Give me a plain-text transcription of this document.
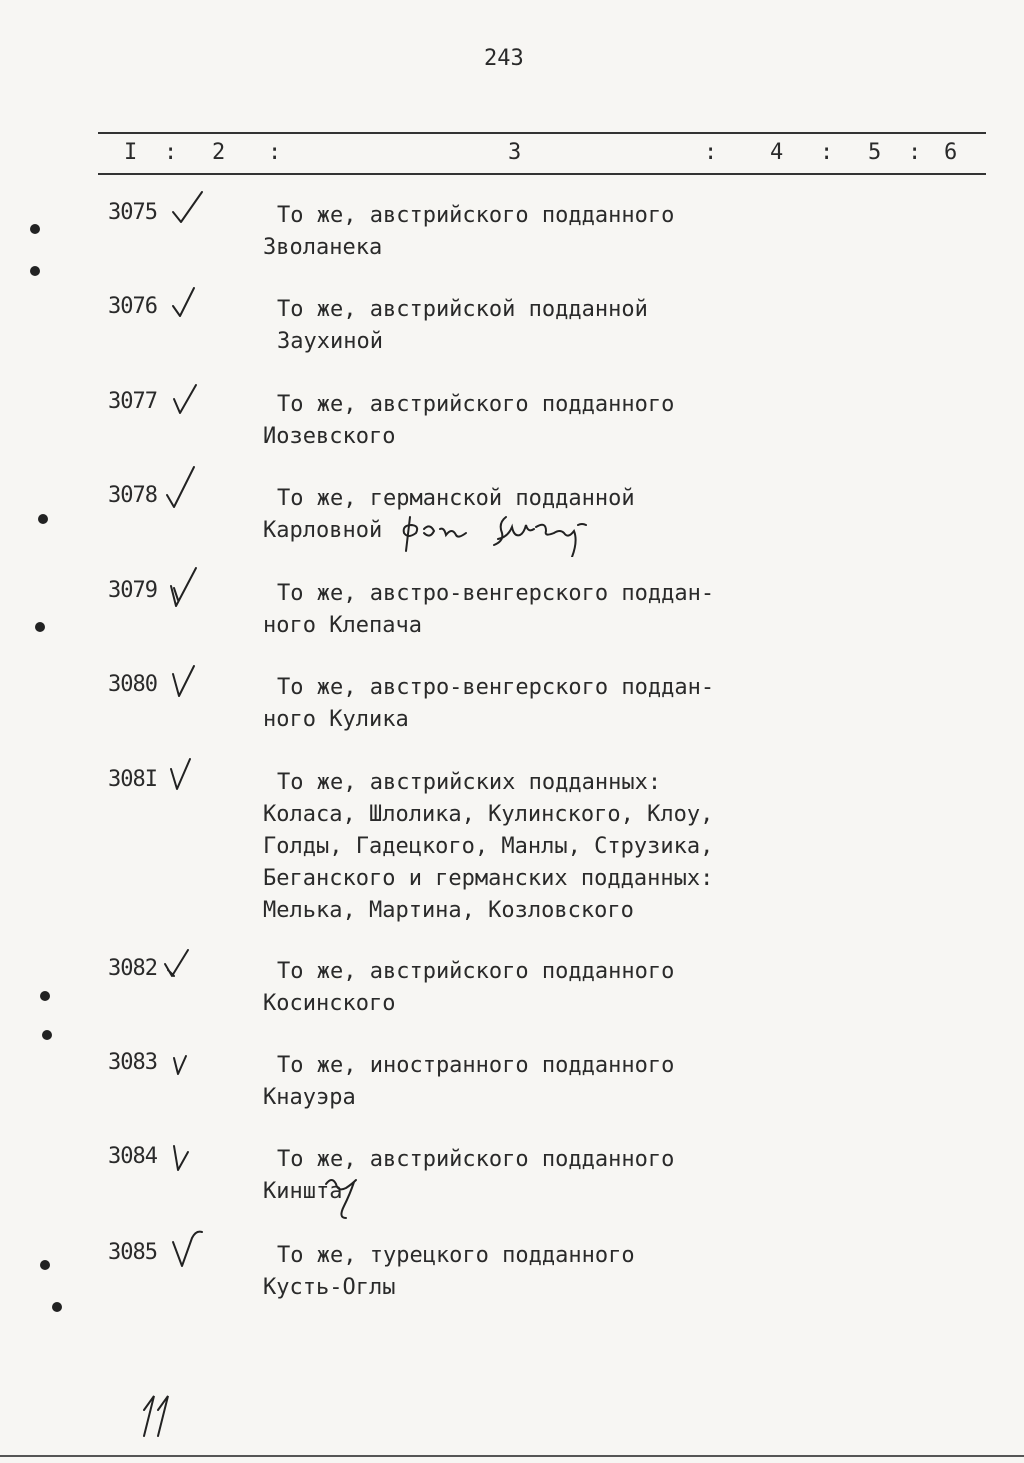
243
I : 2 :	3	: 4 : 5 : 6
3075	То же, австрийского подданного
Зволанека
3076	То же, австрийской подданной
Заухиной
3077	То же, австрийского подданного
Иозевского
3078	То же, германской подданной
Карловной
3079	То же, австро-венгерского поддан-
ного Клепача
3080	То же, австро-венгерского поддан-
ного Кулика
308I	То же, австрийских подданных:
Коласа, Шлолика, Кулинского, Клоу,
Голды, Гадецкого, Манлы, Струзика,
Беганского и германских подданных:
Мелька, Мартина, Козловского
3082	То же, австрийского подданного
Косинского
3083	То же, иностранного подданного
Кнауэра
3084	То же, австрийского подданного
Киншта
3085	То же, турецкого подданного
Кусть-Оглы
